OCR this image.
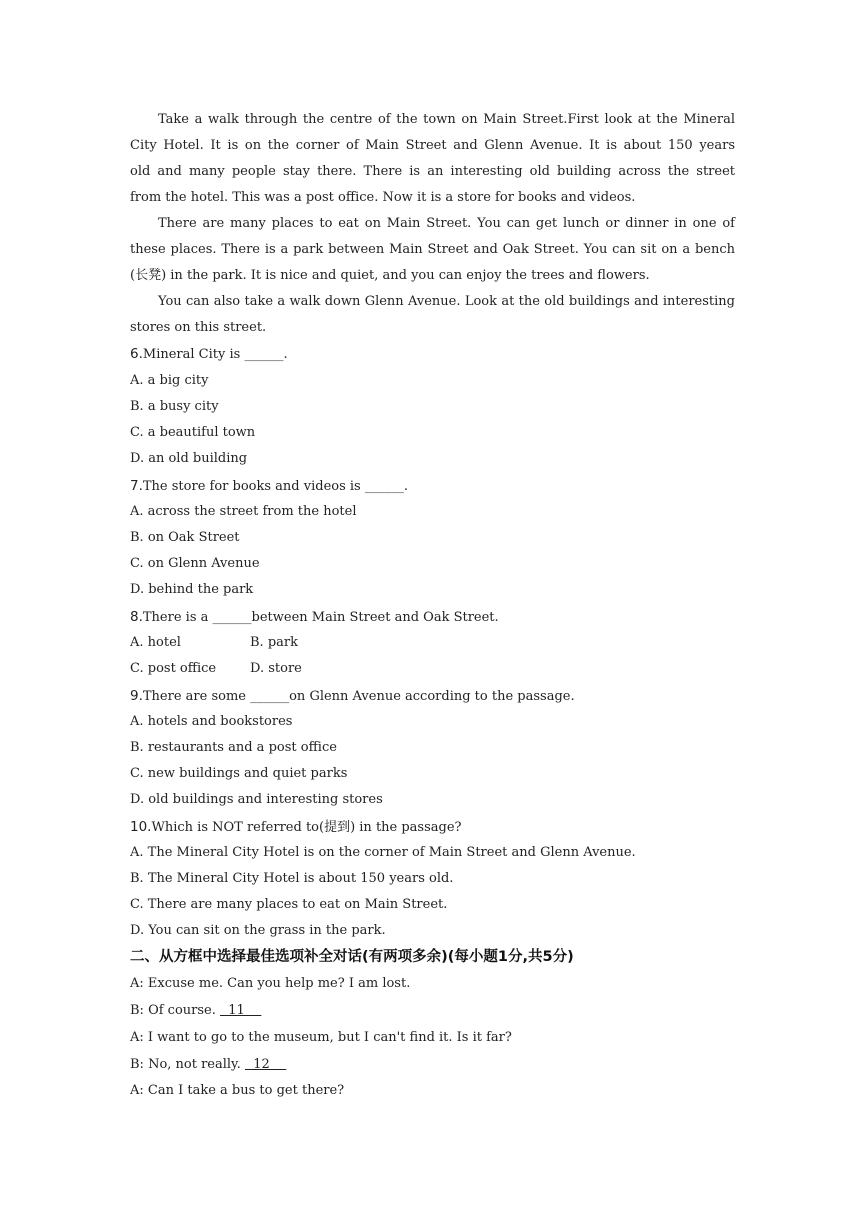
Take a walk through the centre of the town on Main Street.First look at the Mineral
City Hotel. It is on the corner of Main Street and Glenn Avenue. It is about 150 years
old and many people stay there. There is an interesting old building across the street
from the hotel. This was a post office. Now it is a store for books and videos.
There are many places to eat on Main Street. You can get lunch or dinner in one of
these places. There is a park between Main Street and Oak Street. You can sit on a bench
(长凳) in the park. It is nice and quiet, and you can enjoy the trees and flowers.
You can also take a walk down Glenn Avenue. Look at the old buildings and interesting
stores on this street.
6.Mineral City is ______.
A. a big city
B. a busy city
C. a beautiful town
D. an old building
7.The store for books and videos is ______.
A. across the street from the hotel
B. on Oak Street
C. on Glenn Avenue
D. behind the park
8.There is a ______between Main Street and Oak Street.
A. hotel	B. park
C. post office	D. store
9.There are some ______on Glenn Avenue according to the passage.
A. hotels and bookstores
B. restaurants and a post office
C. new buildings and quiet parks
D. old buildings and interesting stores
10.Which is NOT referred to(提到) in the passage?
A. The Mineral City Hotel is on the corner of Main Street and Glenn Avenue.
B. The Mineral City Hotel is about 150 years old.
C. There are many places to eat on Main Street.
D. You can sit on the grass in the park.
二、从方框中选择最佳选项补全对话(有两项多余)(每小题1分,共5分)
A: Excuse me. Can you help me? I am lost.
B: Of course.   11
A: I want to go to the museum, but I can't find it. Is it far?
B: No, not really.   12
A: Can I take a bus to get there?
